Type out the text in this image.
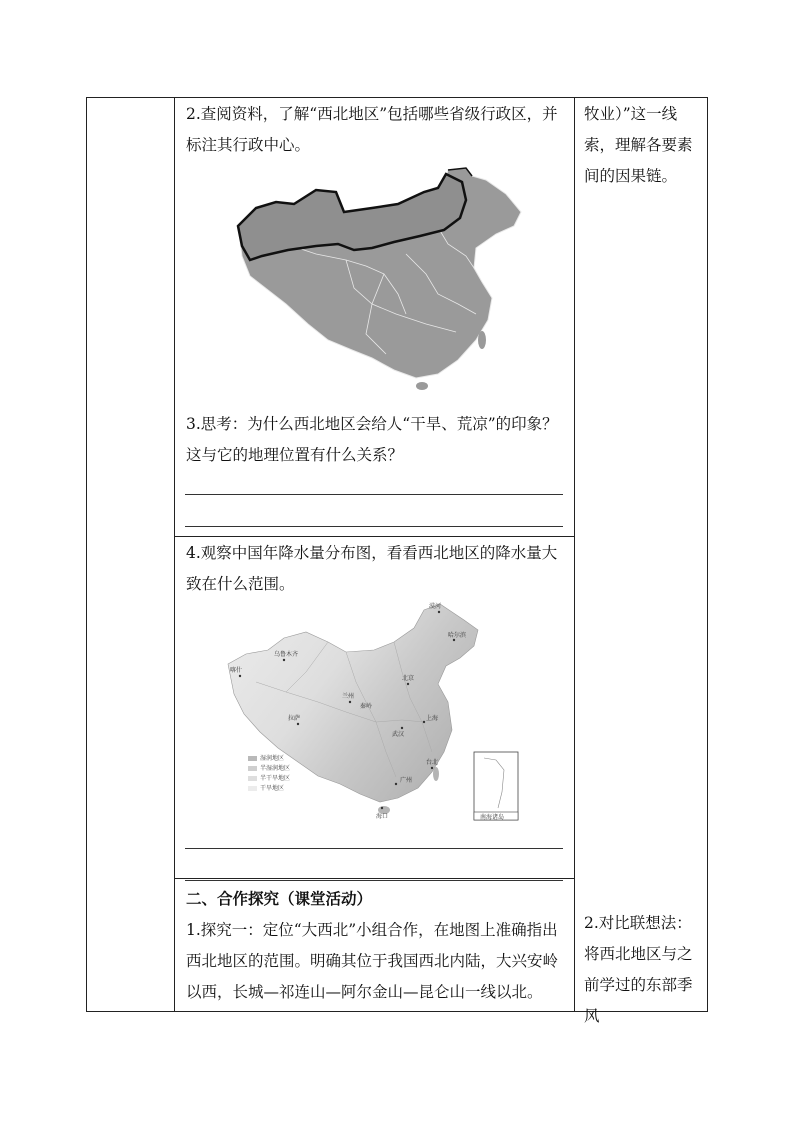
2.查阅资料，了解“西北地区”包括哪些省级行政区，并标注其行政中心。

3.思考：为什么西北地区会给人“干旱、荒凉”的印象？这与它的地理位置有什么关系？

4.观察中国年降水量分布图，看看西北地区的降水量大致在什么范围。

漠河
哈尔滨
乌鲁木齐
喀什
北京
兰州
秦岭
拉萨
武汉
上海
台北
广州
海口	南海诸岛
湿润地区
半湿润地区
半干旱地区
干旱地区

二、合作探究（课堂活动）

1.探究一：定位“大西北”小组合作，在地图上准确指出西北地区的范围。明确其位于我国西北内陆，大兴安岭以西，长城—祁连山—阿尔金山—昆仑山一线以北。

牧业）”这一线索，理解各要素间的因果链。

2.对比联想法：将西北地区与之前学过的东部季风
